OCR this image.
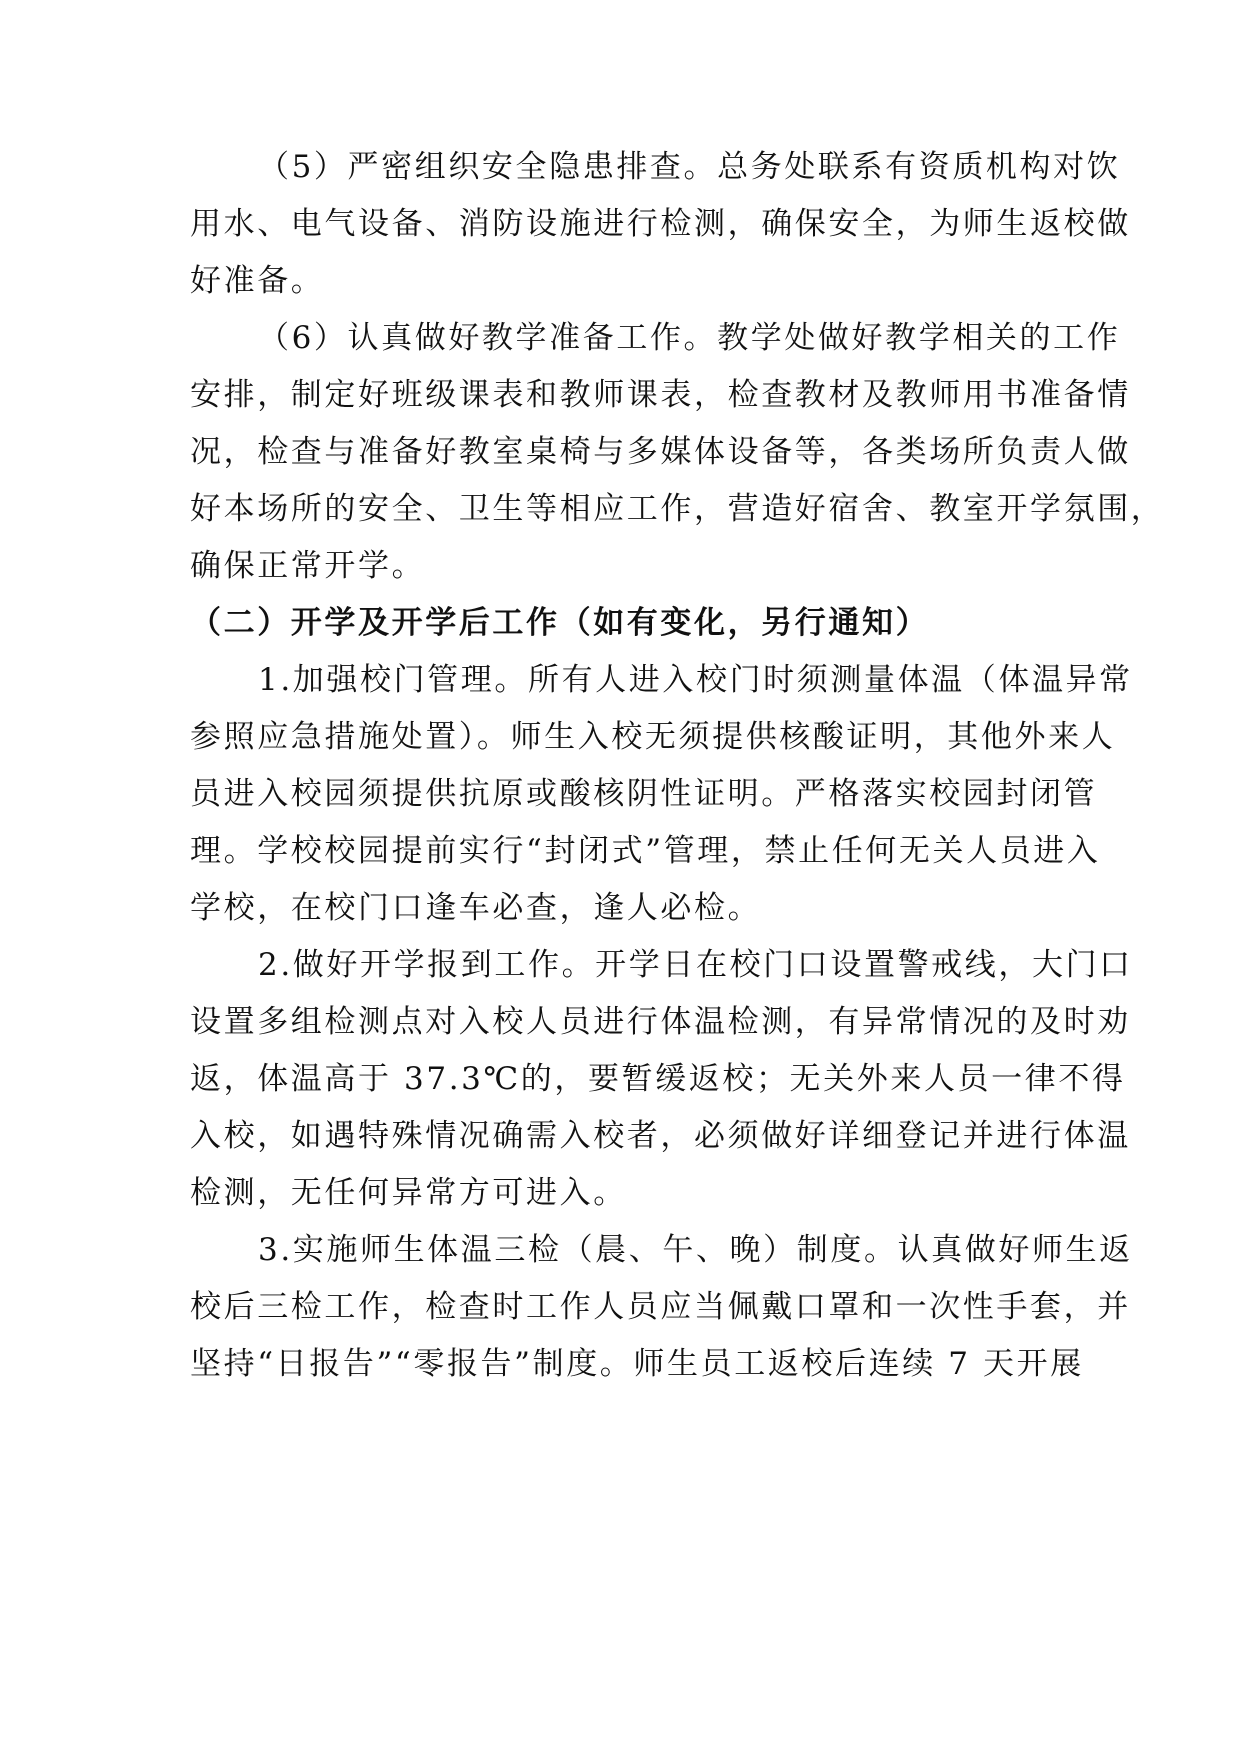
（5）严密组织安全隐患排查。总务处联系有资质机构对饮
用水、电气设备、消防设施进行检测，确保安全，为师生返校做
好准备。
（6）认真做好教学准备工作。教学处做好教学相关的工作
安排，制定好班级课表和教师课表，检查教材及教师用书准备情
况，检查与准备好教室桌椅与多媒体设备等，各类场所负责人做
好本场所的安全、卫生等相应工作，营造好宿舍、教室开学氛围，
确保正常开学。
（二）开学及开学后工作（如有变化，另行通知）
1.加强校门管理。所有人进入校门时须测量体温（体温异常
参照应急措施处置）。师生入校无须提供核酸证明，其他外来人
员进入校园须提供抗原或酸核阴性证明。严格落实校园封闭管
理。学校校园提前实行“封闭式”管理，禁止任何无关人员进入
学校，在校门口逢车必查，逢人必检。
2.做好开学报到工作。开学日在校门口设置警戒线，大门口
设置多组检测点对入校人员进行体温检测，有异常情况的及时劝
返，体温高于 37.3℃的，要暂缓返校；无关外来人员一律不得
入校，如遇特殊情况确需入校者，必须做好详细登记并进行体温
检测，无任何异常方可进入。
3.实施师生体温三检（晨、午、晚）制度。认真做好师生返
校后三检工作，检查时工作人员应当佩戴口罩和一次性手套，并
坚持“日报告”“零报告”制度。师生员工返校后连续 7 天开展
